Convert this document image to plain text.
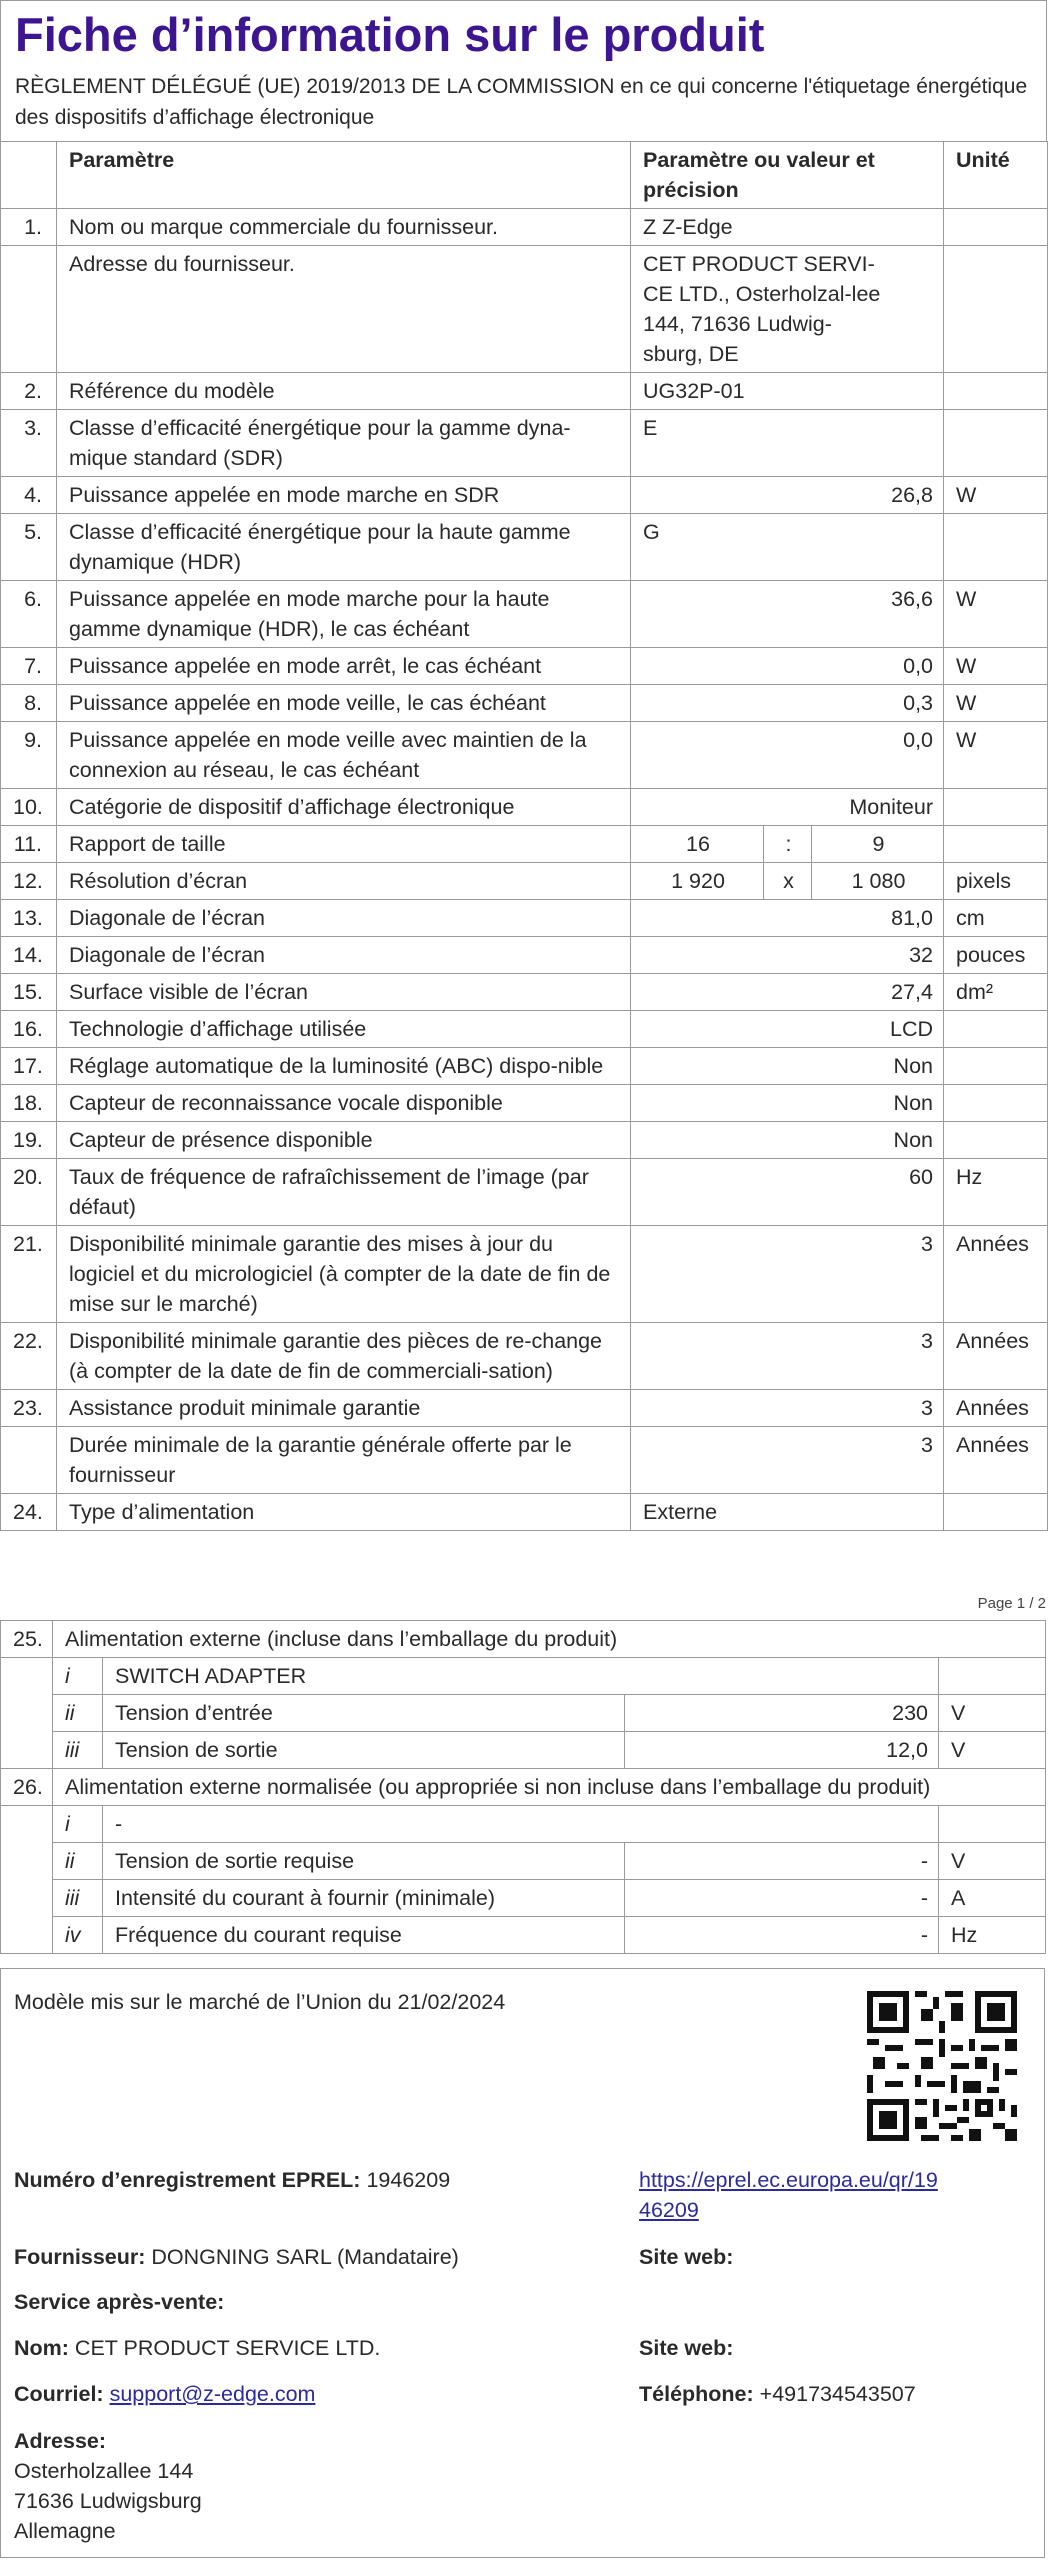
Fiche d’information sur le produit
RÈGLEMENT DÉLÉGUÉ (UE) 2019/2013 DE LA COMMISSION en ce qui concerne l'étiquetage énergétique des dispositifs d’affichage électronique
	Paramètre	Paramètre ou valeur et précision			Unité
1.	Nom ou marque commerciale du fournisseur.	Z Z-Edge			
	Adresse du fournisseur.	CET PRODUCT SERVI-CE LTD., Osterholzal-lee 144, 71636 Ludwig-sburg, DE			
2.	Référence du modèle	UG32P-01			
3.	Classe d’efficacité énergétique pour la gamme dyna-mique standard (SDR)	E			
4.	Puissance appelée en mode marche en SDR	26,8			W
5.	Classe d’efficacité énergétique pour la haute gamme dynamique (HDR)	G			
6.	Puissance appelée en mode marche pour la haute gamme dynamique (HDR), le cas échéant	36,6			W
7.	Puissance appelée en mode arrêt, le cas échéant	0,0			W
8.	Puissance appelée en mode veille, le cas échéant	0,3			W
9.	Puissance appelée en mode veille avec maintien de la connexion au réseau, le cas échéant	0,0			W
10.	Catégorie de dispositif d’affichage électronique	Moniteur			
11.	Rapport de taille	16	:	9	
12.	Résolution d’écran	1 920	x	1 080	pixels
13.	Diagonale de l’écran	81,0			cm
14.	Diagonale de l’écran	32			pouces
15.	Surface visible de l’écran	27,4			dm²
16.	Technologie d’affichage utilisée	LCD			
17.	Réglage automatique de la luminosité (ABC) dispo-nible	Non			
18.	Capteur de reconnaissance vocale disponible	Non			
19.	Capteur de présence disponible	Non			
20.	Taux de fréquence de rafraîchissement de l’image (par défaut)	60			Hz
21.	Disponibilité minimale garantie des mises à jour du logiciel et du micrologiciel (à compter de la date de fin de mise sur le marché)	3			Années
22.	Disponibilité minimale garantie des pièces de re-change (à compter de la date de fin de commerciali-sation)	3			Années
23.	Assistance produit minimale garantie	3			Années
	Durée minimale de la garantie générale offerte par le fournisseur	3			Années
24.	Type d’alimentation	Externe			
Page 1 / 2
25.	Alimentation externe (incluse dans l’emballage du produit)			
	i	SWITCH ADAPTER		
	ii	Tension d’entrée	230	V
	iii	Tension de sortie	12,0	V
26.	Alimentation externe normalisée (ou appropriée si non incluse dans l’emballage du produit)			
	i	-		
	ii	Tension de sortie requise	-	V
	iii	Intensité du courant à fournir (minimale)	-	A
	iv	Fréquence du courant requise	-	Hz
Modèle mis sur le marché de l’Union du 21/02/2024
Numéro d’enregistrement EPREL: 1946209	https://eprel.ec.europa.eu/qr/19
46209
Fournisseur: DONGNING SARL (Mandataire)	Site web:
Service après-vente:
Nom: CET PRODUCT SERVICE LTD.	Site web:
Courriel: support@z-edge.com	Téléphone: +491734543507
Adresse:
Osterholzallee 144
71636 Ludwigsburg
Allemagne
